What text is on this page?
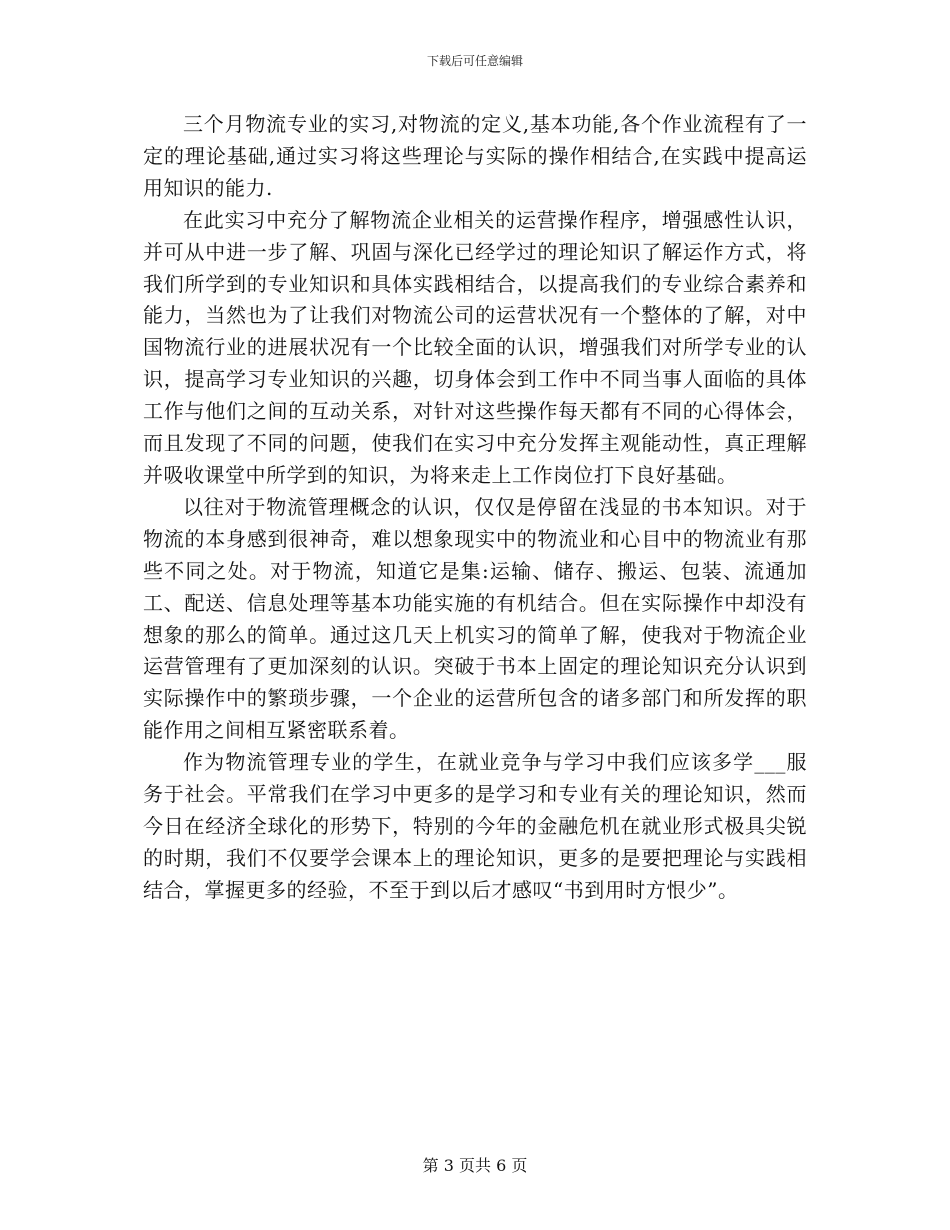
下载后可任意编辑

三个月物流专业的实习,对物流的定义,基本功能,各个作业流程有了一定的理论基础,通过实习将这些理论与实际的操作相结合,在实践中提高运用知识的能力.

在此实习中充分了解物流企业相关的运营操作程序，增强感性认识，并可从中进一步了解、巩固与深化已经学过的理论知识了解运作方式，将我们所学到的专业知识和具体实践相结合，以提高我们的专业综合素养和能力，当然也为了让我们对物流公司的运营状况有一个整体的了解，对中国物流行业的进展状况有一个比较全面的认识，增强我们对所学专业的认识，提高学习专业知识的兴趣，切身体会到工作中不同当事人面临的具体工作与他们之间的互动关系，对针对这些操作每天都有不同的心得体会，而且发现了不同的问题，使我们在实习中充分发挥主观能动性，真正理解并吸收课堂中所学到的知识，为将来走上工作岗位打下良好基础。

以往对于物流管理概念的认识，仅仅是停留在浅显的书本知识。对于物流的本身感到很神奇，难以想象现实中的物流业和心目中的物流业有那些不同之处。对于物流，知道它是集:运输、储存、搬运、包装、流通加工、配送、信息处理等基本功能实施的有机结合。但在实际操作中却没有想象的那么的简单。通过这几天上机实习的简单了解，使我对于物流企业运营管理有了更加深刻的认识。突破于书本上固定的理论知识充分认识到实际操作中的繁琐步骤，一个企业的运营所包含的诸多部门和所发挥的职能作用之间相互紧密联系着。

作为物流管理专业的学生，在就业竞争与学习中我们应该多学___服务于社会。平常我们在学习中更多的是学习和专业有关的理论知识，然而今日在经济全球化的形势下，特别的今年的金融危机在就业形式极具尖锐的时期，我们不仅要学会课本上的理论知识，更多的是要把理论与实践相结合，掌握更多的经验，不至于到以后才感叹“书到用时方恨少”。

第 3 页共 6 页
